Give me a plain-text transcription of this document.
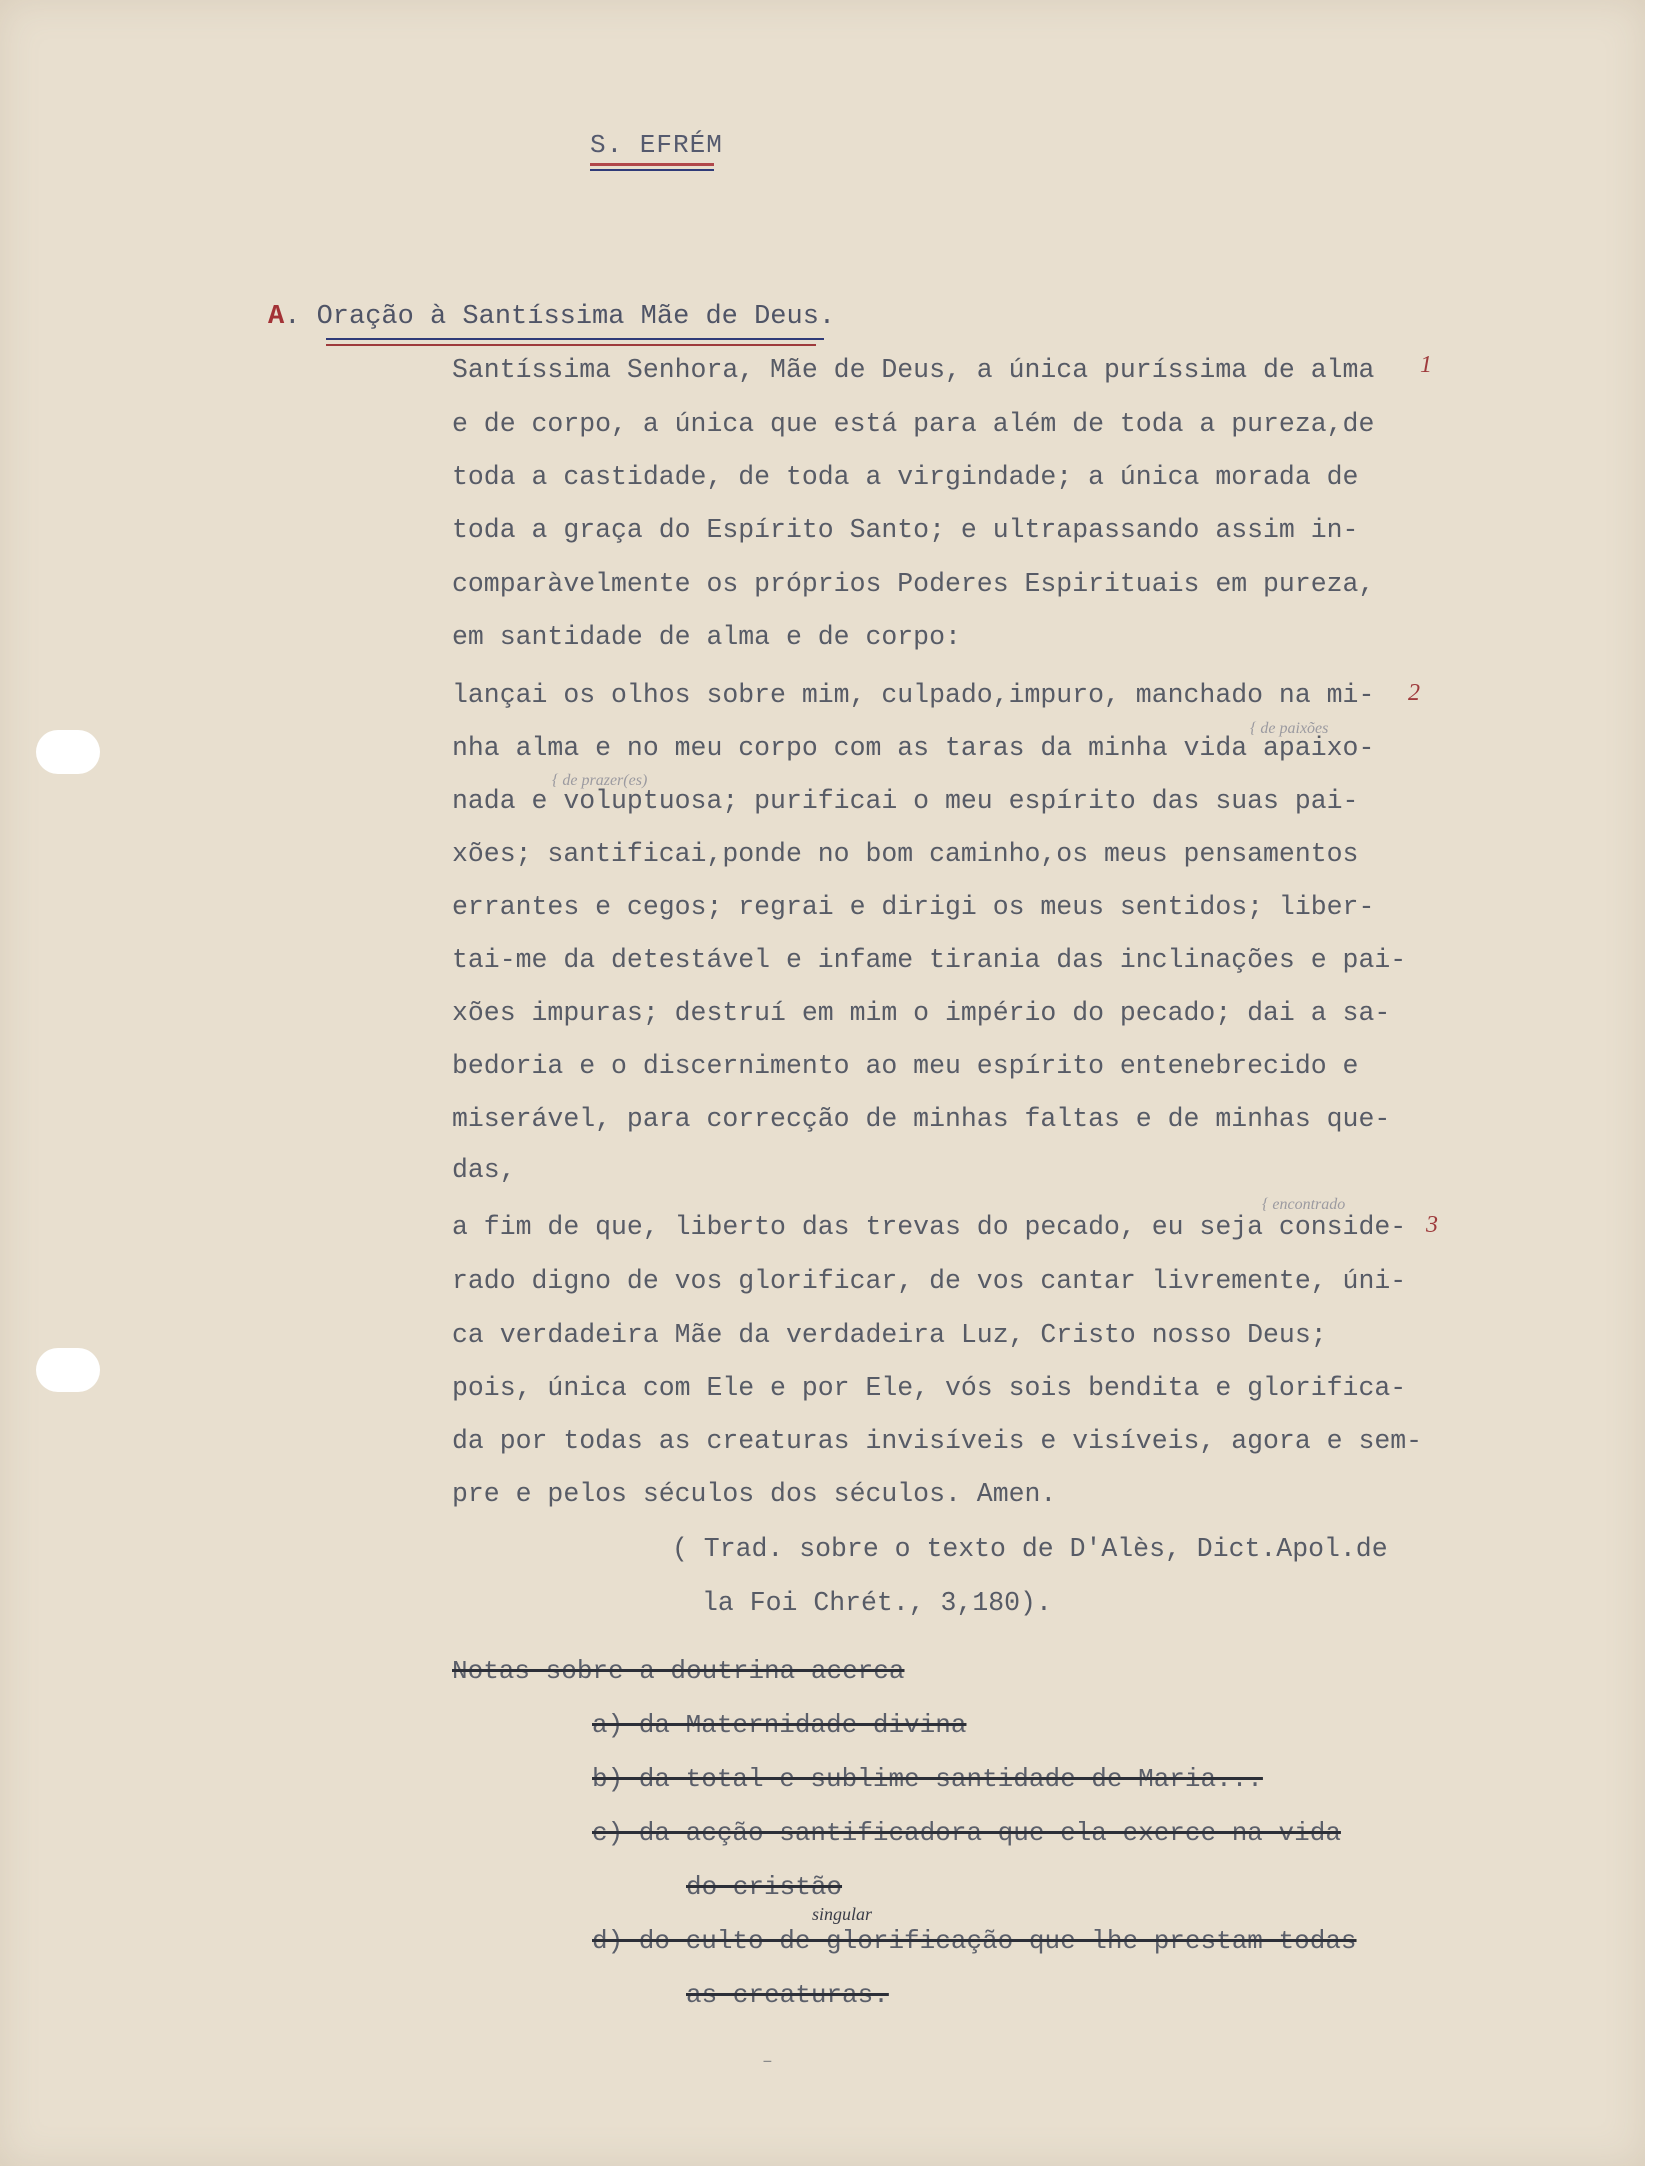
S. EFRÉM
A. Oração à Santíssima Mãe de Deus.
Santíssima Senhora, Mãe de Deus, a única puríssima de alma
e de corpo, a única que está para além de toda a pureza,de
toda a castidade, de toda a virgindade; a única morada de
toda a graça do Espírito Santo; e ultrapassando assim in-
comparàvelmente os próprios Poderes Espirituais em pureza,
em santidade de alma e de corpo:
lançai os olhos sobre mim, culpado,impuro, manchado na mi-
nha alma e no meu corpo com as taras da minha vida apaixo-
nada e voluptuosa; purificai o meu espírito das suas pai-
xões; santificai,ponde no bom caminho,os meus pensamentos
errantes e cegos; regrai e dirigi os meus sentidos; liber-
tai-me da detestável e infame tirania das inclinações e pai-
xões impuras; destruí em mim o império do pecado; dai a sa-
bedoria e o discernimento ao meu espírito entenebrecido e
miserável, para correcção de minhas faltas e de minhas que-
das,
a fim de que, liberto das trevas do pecado, eu seja conside-
rado digno de vos glorificar, de vos cantar livremente, úni-
ca verdadeira Mãe da verdadeira Luz, Cristo nosso Deus;
pois, única com Ele e por Ele, vós sois bendita e glorifica-
da por todas as creaturas invisíveis e visíveis, agora e sem-
pre e pelos séculos dos séculos. Amen.
1
2
3
{ de paixões
{ de prazer(es)
{ encontrado
( Trad. sobre o texto de D'Alès, Dict.Apol.de
la Foi Chrét., 3,180).
Notas sobre a doutrina acerca
a) da Maternidade divina
b) da total e sublime santidade de Maria...
c) da acção santificadora que ela exerce na vida
do cristão
singular
d) do culto de glorificação que lhe prestam todas
as creaturas.
–
